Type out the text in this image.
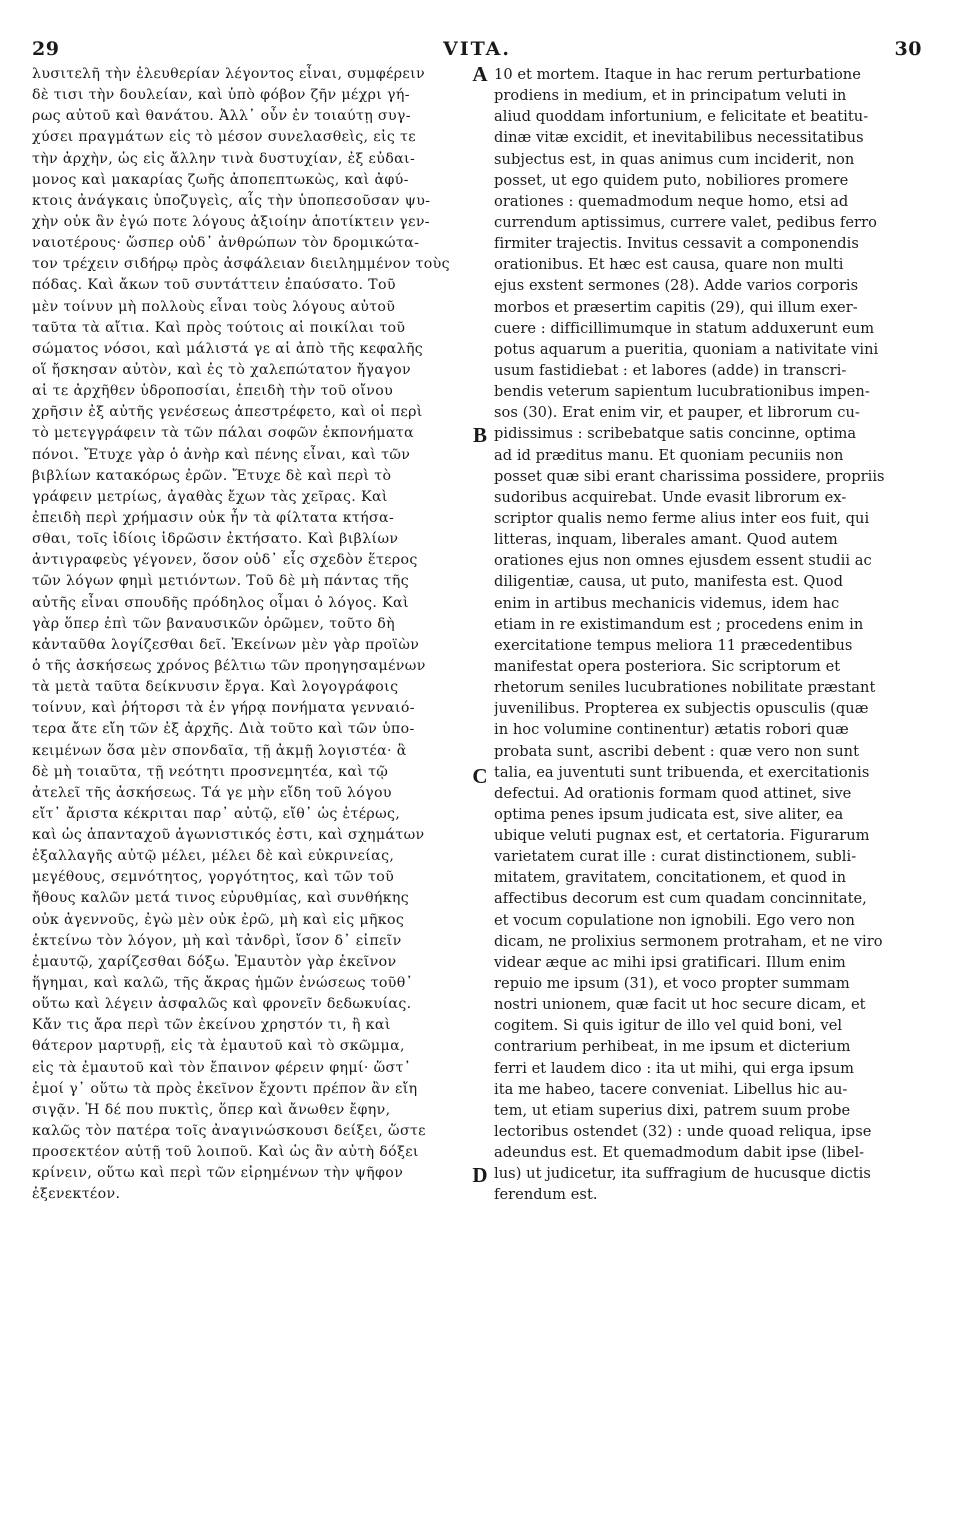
29	VITA.	30
λυσιτελῆ τὴν ἐλευθερίαν λέγοντος εἶναι, συμφέρειν
δὲ τισι τὴν δουλείαν, καὶ ὑπὸ φόβον ζῆν μέχρι γή-
ρως αὐτοῦ καὶ θανάτου. Ἀλλ᾽ οὖν ἐν τοιαύτῃ συγ-
χύσει πραγμάτων εἰς τὸ μέσον συνελασθεὶς, εἰς τε
τὴν ἀρχὴν, ὡς εἰς ἄλλην τινὰ δυστυχίαν, ἐξ εὐδαι-
μονος καὶ μακαρίας ζωῆς ἀποπεπτωκὼς, καὶ ἀφύ-
κτοις ἀνάγκαις ὑποζυγεὶς, αἷς τὴν ὑποπεσοῦσαν ψυ-
χὴν οὐκ ἂν ἐγώ ποτε λόγους ἀξιοίην ἀποτίκτειν γεν-
ναιοτέρους· ὥσπερ οὐδ᾽ ἀνθρώπων τὸν δρομικώτα-
τον τρέχειν σιδήρῳ πρὸς ἀσφάλειαν διειλημμένον τοὺς
πόδας. Καὶ ἄκων τοῦ συντάττειν ἐπαύσατο. Τοῦ
μὲν τοίνυν μὴ πολλοὺς εἶναι τοὺς λόγους αὐτοῦ
ταῦτα τὰ αἴτια. Καὶ πρὸς τούτοις αἱ ποικίλαι τοῦ
σώματος νόσοι, καὶ μάλιστά γε αἱ ἀπὸ τῆς κεφαλῆς
οἵ ἤσκησαν αὐτὸν, καὶ ἐς τὸ χαλεπώτατον ἤγαγον
αἱ τε ἀρχῆθεν ὑδροποσίαι, ἐπειδὴ τὴν τοῦ οἴνου
χρῆσιν ἐξ αὐτῆς γενέσεως ἀπεστρέφετο, καὶ οἱ περὶ
τὸ μετεγγράφειν τὰ τῶν πάλαι σοφῶν ἐκπονήματα
πόνοι. Ἔτυχε γὰρ ὁ ἀνὴρ καὶ πένης εἶναι, καὶ τῶν
βιβλίων κατακόρως ἐρῶν. Ἔτυχε δὲ καὶ περὶ τὸ
γράφειν μετρίως, ἀγαθὰς ἔχων τὰς χεῖρας. Καὶ
ἐπειδὴ περὶ χρήμασιν οὐκ ἦν τὰ φίλτατα κτήσα-
σθαι, τοῖς ἰδίοις ἱδρῶσιν ἐκτήσατο. Καὶ βιβλίων
ἀντιγραφεὺς γέγονεν, ὅσον οὐδ᾽ εἷς σχεδὸν ἕτερος
τῶν λόγων φημὶ μετιόντων. Τοῦ δὲ μὴ πάντας τῆς
αὐτῆς εἶναι σπουδῆς πρόδηλος οἶμαι ὁ λόγος. Καὶ
γὰρ ὅπερ ἐπὶ τῶν βαναυσικῶν ὁρῶμεν, τοῦτο δὴ
κἀνταῦθα λογίζεσθαι δεῖ. Ἐκείνων μὲν γὰρ προϊὼν
ὁ τῆς ἀσκήσεως χρόνος βέλτιω τῶν προηγησαμένων
τὰ μετὰ ταῦτα δείκνυσιν ἔργα. Καὶ λογογράφοις
τοίνυν, καὶ ῥήτορσι τὰ ἐν γήρᾳ πονήματα γενναιό-
τερα ἄτε εἴη τῶν ἐξ ἀρχῆς. Διὰ τοῦτο καὶ τῶν ὑπο-
κειμένων ὅσα μὲν σπονδαῖα, τῇ ἀκμῇ λογιστέα· ἃ
δὲ μὴ τοιαῦτα, τῇ νεότητι προσνεμητέα, καὶ τῷ
ἀτελεῖ τῆς ἀσκήσεως. Τά γε μὴν εἴδη τοῦ λόγου
εἴτ᾽ ἄριστα κέκριται παρ᾽ αὐτῷ, εἴθ᾽ ὡς ἑτέρως,
καὶ ὡς ἁπανταχοῦ ἀγωνιστικός ἐστι, καὶ σχημάτων
ἐξαλλαγῆς αὐτῷ μέλει, μέλει δὲ καὶ εὐκρινείας,
μεγέθους, σεμνότητος, γοργότητος, καὶ τῶν τοῦ
ἤθους καλῶν μετά τινος εὐρυθμίας, καὶ συνθήκης
οὐκ ἀγεννοῦς, ἐγὼ μὲν οὐκ ἐρῶ, μὴ καὶ εἰς μῆκος
ἐκτείνω τὸν λόγον, μὴ καὶ τἀνδρὶ, ἴσον δ᾽ εἰπεῖν
ἐμαυτῷ, χαρίζεσθαι δόξω. Ἐμαυτὸν γὰρ ἐκεῖνον
ἥγημαι, καὶ καλῶ, τῆς ἄκρας ἡμῶν ἐνώσεως τοῦθ᾽
οὕτω καὶ λέγειν ἀσφαλῶς καὶ φρονεῖν δεδωκυίας.
Κἄν τις ἄρα περὶ τῶν ἐκείνου χρηστόν τι, ἢ καὶ
θάτερον μαρτυρῇ, εἰς τὰ ἐμαυτοῦ καὶ τὸ σκῶμμα,
εἰς τὰ ἐμαυτοῦ καὶ τὸν ἔπαινον φέρειν φημί· ὥστ᾽
ἐμοί γ᾽ οὕτω τὰ πρὸς ἐκεῖνον ἔχοντι πρέπον ἂν εἴη
σιγᾷν. Ἡ δέ που πυκτὶς, ὅπερ καὶ ἄνωθεν ἔφην,
καλῶς τὸν πατέρα τοῖς ἀναγινώσκουσι δείξει, ὥστε
προσεκτέον αὐτῇ τοῦ λοιποῦ. Καὶ ὡς ἂν αὐτὴ δόξει
κρίνειν, οὕτω καὶ περὶ τῶν εἰρημένων τὴν ψῆφον
ἐξενεκτέον.
A
B
C
D
10 et mortem. Itaque in hac rerum perturbatione
prodiens in medium, et in principatum veluti in
aliud quoddam infortunium, e felicitate et beatitu-
dinæ vitæ excidit, et inevitabilibus necessitatibus
subjectus est, in quas animus cum inciderit, non
posset, ut ego quidem puto, nobiliores promere
orationes : quemadmodum neque homo, etsi ad
currendum aptissimus, currere valet, pedibus ferro
firmiter trajectis. Invitus cessavit a componendis
orationibus. Et hæc est causa, quare non multi
ejus exstent sermones (28). Adde varios corporis
morbos et præsertim capitis (29), qui illum exer-
cuere : difficillimumque in statum adduxerunt eum
potus aquarum a pueritia, quoniam a nativitate vini
usum fastidiebat : et labores (adde) in transcri-
bendis veterum sapientum lucubrationibus impen-
sos (30). Erat enim vir, et pauper, et librorum cu-
pidissimus : scribebatque satis concinne, optima
ad id præditus manu. Et quoniam pecuniis non
posset quæ sibi erant charissima possidere, propriis
sudoribus acquirebat. Unde evasit librorum ex-
scriptor qualis nemo ferme alius inter eos fuit, qui
litteras, inquam, liberales amant. Quod autem
orationes ejus non omnes ejusdem essent studii ac
diligentiæ, causa, ut puto, manifesta est. Quod
enim in artibus mechanicis videmus, idem hac
etiam in re existimandum est ; procedens enim in
exercitatione tempus meliora 11 præcedentibus
manifestat opera posteriora. Sic scriptorum et
rhetorum seniles lucubrationes nobilitate præstant
juvenilibus. Propterea ex subjectis opusculis (quæ
in hoc volumine continentur) ætatis robori quæ
probata sunt, ascribi debent : quæ vero non sunt
talia, ea juventuti sunt tribuenda, et exercitationis
defectui. Ad orationis formam quod attinet, sive
optima penes ipsum judicata est, sive aliter, ea
ubique veluti pugnax est, et certatoria. Figurarum
varietatem curat ille : curat distinctionem, subli-
mitatem, gravitatem, concitationem, et quod in
affectibus decorum est cum quadam concinnitate,
et vocum copulatione non ignobili. Ego vero non
dicam, ne prolixius sermonem protraham, et ne viro
videar æque ac mihi ipsi gratificari. Illum enim
repuio me ipsum (31), et voco propter summam
nostri unionem, quæ facit ut hoc secure dicam, et
cogitem. Si quis igitur de illo vel quid boni, vel
contrarium perhibeat, in me ipsum et dicterium
ferri et laudem dico : ita ut mihi, qui erga ipsum
ita me habeo, tacere conveniat. Libellus hic au-
tem, ut etiam superius dixi, patrem suum probe
lectoribus ostendet (32) : unde quoad reliqua, ipse
adeundus est. Et quemadmodum dabit ipse (libel-
lus) ut judicetur, ita suffragium de hucusque dictis
ferendum est.
